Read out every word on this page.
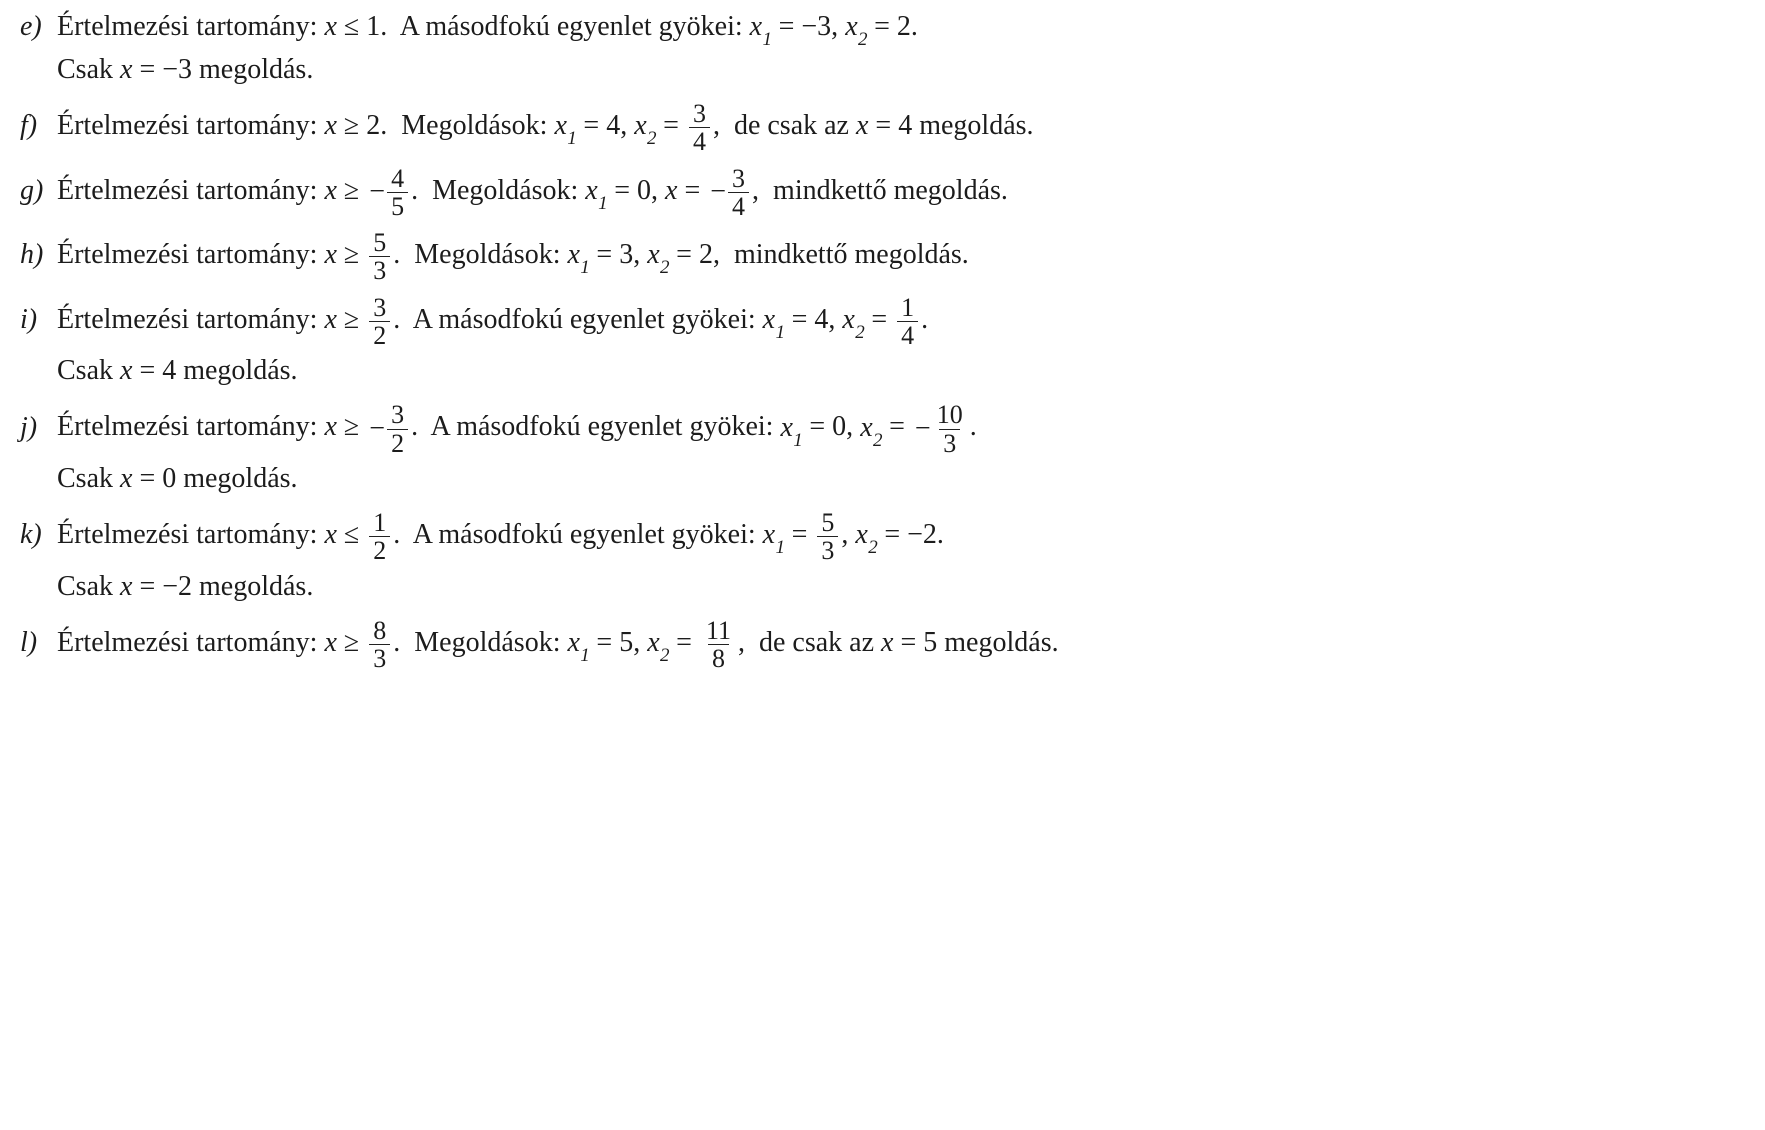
e) Értelmezési tartomány: x ≤ 1.  A másodfokú egyenlet gyökei: $x_1 = -3$, $x_2 = 2$.
Csak x = −3 megoldás.
f) Értelmezési tartomány: x ≥ 2.  Megoldások: $x_1 = 4$, $x_2 = \frac{3}{4}$ ,  de csak az x = 4 megoldás.
g) Értelmezési tartomány: x ≥ − $\frac{4}{5}$ .  Megoldások: $x_1 = 0$, x = − $\frac{3}{4}$ ,  mindkettő megoldás.
h) Értelmezési tartomány: $x \ge \frac{5}{3}$ .  Megoldások: $x_1 = 3$, $x_2 = 2$,  mindkettő megoldás.
i) Értelmezési tartomány: $x \ge \frac{3}{2}$ .  A másodfokú egyenlet gyökei: $x_1 = 4$, $x_2 = \frac{1}{4}$ .
Csak x = 4 megoldás.
j) Értelmezési tartomány: x ≥ − $\frac{3}{2}$ .  A másodfokú egyenlet gyökei: $x_1 = 0$, $x_2$ = − $\frac{10}{3}$ .
Csak x = 0 megoldás.
k) Értelmezési tartomány: $x \le \frac{1}{2}$ .  A másodfokú egyenlet gyökei: $x_1 = \frac{5}{3}$ , $x_2 = -2$.
Csak x = −2 megoldás.
l) Értelmezési tartomány: $x \ge \frac{8}{3}$ .  Megoldások: $x_1 = 5$, $x_2 = \frac{11}{8}$ ,  de csak az x = 5 megoldás.
